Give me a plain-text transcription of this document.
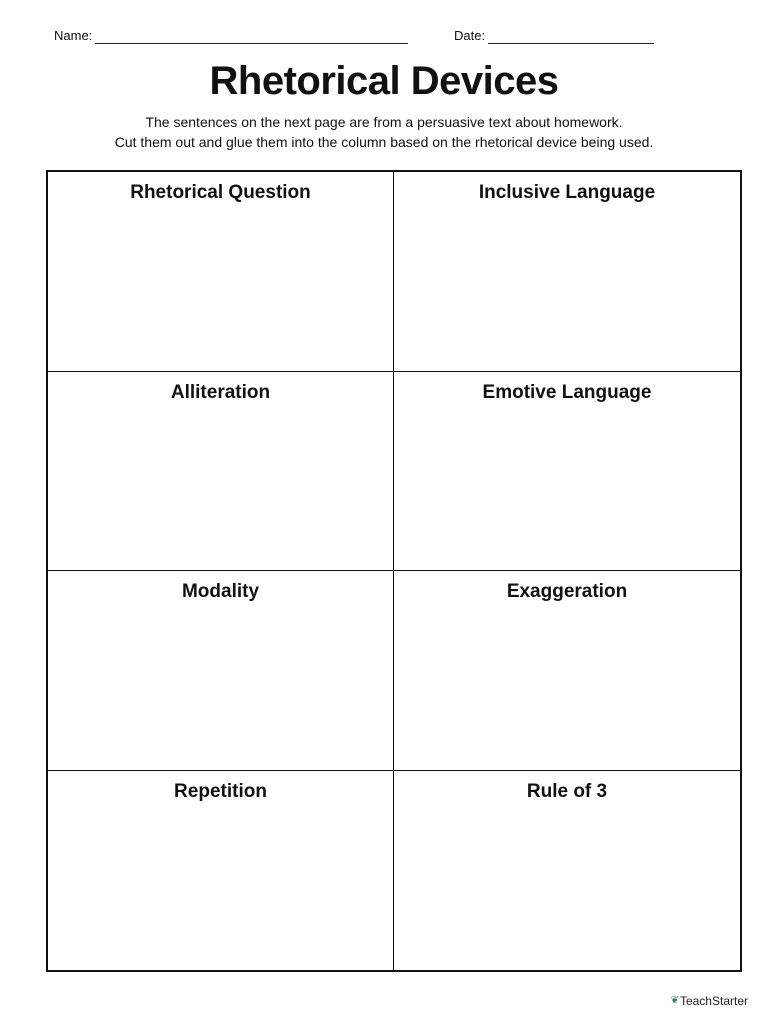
Name:	Date:
Rhetorical Devices
The sentences on the next page are from a persuasive text about homework.
Cut them out and glue them into the column based on the rhetorical device being used.
Rhetorical Question	Inclusive Language
Alliteration	Emotive Language
Modality	Exaggeration
Repetition	Rule of 3
❦ TeachStarter
